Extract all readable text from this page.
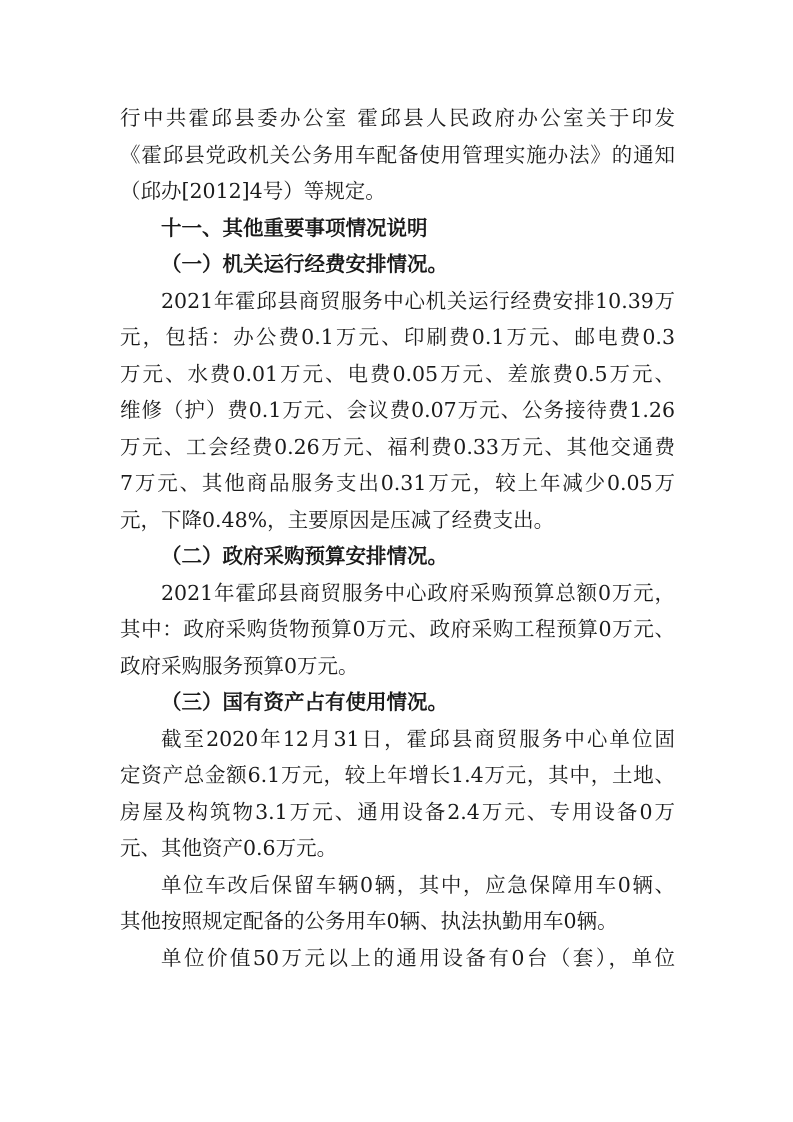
行中共霍邱县委办公室 霍邱县人民政府办公室关于印发
《霍邱县党政机关公务用车配备使用管理实施办法》的通知
（邱办[2012]4号）等规定。
十一、其他重要事项情况说明
（一）机关运行经费安排情况。
2021年霍邱县商贸服务中心机关运行经费安排10.39万
元，包括：办公费0.1万元、印刷费0.1万元、邮电费0.3
万元、水费0.01万元、电费0.05万元、差旅费0.5万元、
维修（护）费0.1万元、会议费0.07万元、公务接待费1.26
万元、工会经费0.26万元、福利费0.33万元、其他交通费
7万元、其他商品服务支出0.31万元，较上年减少0.05万
元，下降0.48%，主要原因是压减了经费支出。
（二）政府采购预算安排情况。
2021年霍邱县商贸服务中心政府采购预算总额0万元，
其中：政府采购货物预算0万元、政府采购工程预算0万元、
政府采购服务预算0万元。
（三）国有资产占有使用情况。
截至2020年12月31日，霍邱县商贸服务中心单位固
定资产总金额6.1万元，较上年增长1.4万元，其中，土地、
房屋及构筑物3.1万元、通用设备2.4万元、专用设备0万
元、其他资产0.6万元。
单位车改后保留车辆0辆，其中，应急保障用车0辆、
其他按照规定配备的公务用车0辆、执法执勤用车0辆。
单位价值50万元以上的通用设备有0台（套），单位
